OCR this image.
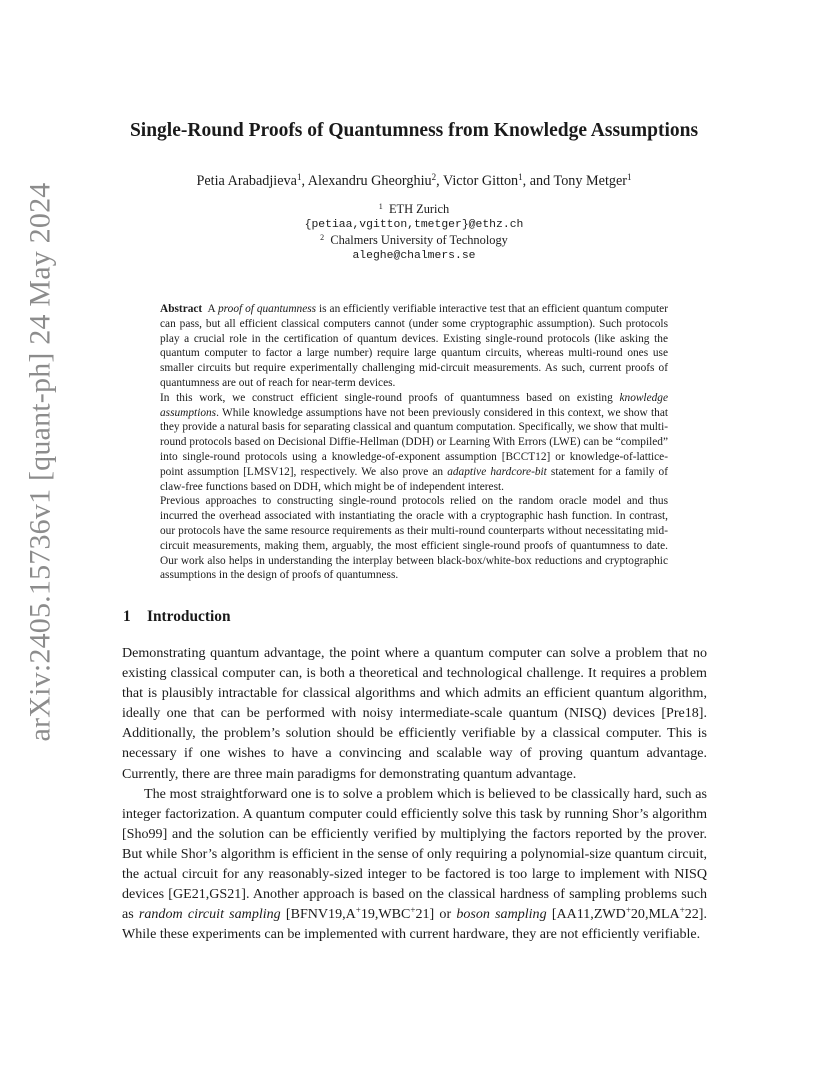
arXiv:2405.15736v1 [quant-ph] 24 May 2024
Single-Round Proofs of Quantumness from Knowledge Assumptions
Petia Arabadjieva$^1$, Alexandru Gheorghiu$^2$, Victor Gitton$^1$, and Tony Metger$^1$
$^1$ ETH Zurich
{petiaa,vgitton,tmetger}@ethz.ch
$^2$ Chalmers University of Technology
aleghe@chalmers.se

Abstract A proof of quantumness is an efficiently verifiable interactive test that an efficient quantum computer can pass, but all efficient classical computers cannot (under some cryptographic assumption). Such protocols play a crucial role in the certification of quantum devices. Existing single-round protocols (like asking the quantum computer to factor a large number) require large quantum circuits, whereas multi-round ones use smaller circuits but require experimentally challenging mid-circuit measurements. As such, current proofs of quantumness are out of reach for near-term devices.

In this work, we construct efficient single-round proofs of quantumness based on existing knowledge assumptions. While knowledge assumptions have not been previously considered in this context, we show that they provide a natural basis for separating classical and quantum computation. Specifically, we show that multi-round protocols based on Decisional Diffie-Hellman (DDH) or Learning With Errors (LWE) can be “compiled” into single-round protocols using a knowledge-of-exponent assumption [BCCT12] or knowledge-of-lattice-point assumption [LMSV12], respectively. We also prove an adaptive hardcore-bit statement for a family of claw-free functions based on DDH, which might be of independent interest.

Previous approaches to constructing single-round protocols relied on the random oracle model and thus incurred the overhead associated with instantiating the oracle with a cryptographic hash function. In contrast, our protocols have the same resource requirements as their multi-round counterparts without necessitating mid-circuit measurements, making them, arguably, the most efficient single-round proofs of quantumness to date. Our work also helps in understanding the interplay between black-box/white-box reductions and cryptographic assumptions in the design of proofs of quantumness.

1 Introduction

Demonstrating quantum advantage, the point where a quantum computer can solve a problem that no existing classical computer can, is both a theoretical and technological challenge. It requires a problem that is plausibly intractable for classical algorithms and which admits an efficient quantum algorithm, ideally one that can be performed with noisy intermediate-scale quantum (NISQ) devices [Pre18]. Additionally, the problem’s solution should be efficiently verifiable by a classical computer. This is necessary if one wishes to have a convincing and scalable way of proving quantum advantage. Currently, there are three main paradigms for demonstrating quantum advantage.

The most straightforward one is to solve a problem which is believed to be classically hard, such as integer factorization. A quantum computer could efficiently solve this task by running Shor’s algorithm [Sho99] and the solution can be efficiently verified by multiplying the factors reported by the prover. But while Shor’s algorithm is efficient in the sense of only requiring a polynomial-size quantum circuit, the actual circuit for any reasonably-sized integer to be factored is too large to implement with NISQ devices [GE21,GS21]. Another approach is based on the classical hardness of sampling problems such as random circuit sampling [BFNV19,A+19,WBC+21] or boson sampling [AA11,ZWD+20,MLA+22]. While these experiments can be implemented with current hardware, they are not efficiently verifiable.
